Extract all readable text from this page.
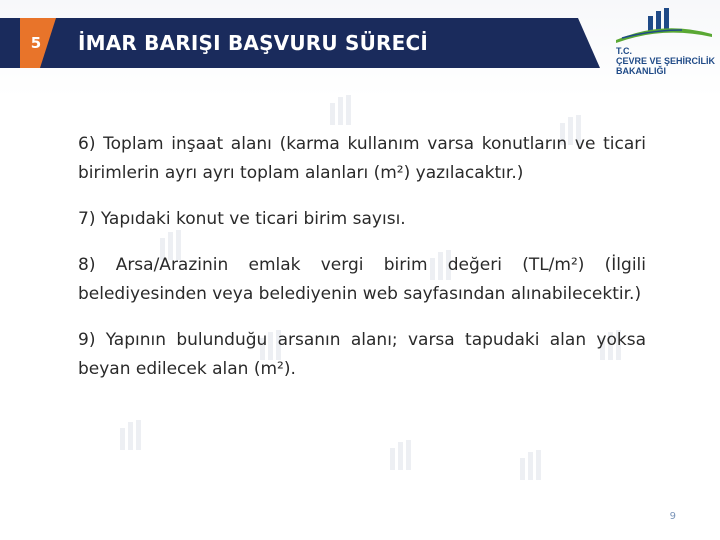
5	İMAR BARIŞI BAŞVURU SÜRECİ	T.C.
ÇEVRE VE ŞEHİRCİLİK
BAKANLIĞI

6) Toplam inşaat alanı (karma kullanım varsa konutların ve ticari birimlerin ayrı ayrı toplam alanları (m²) yazılacaktır.)

7) Yapıdaki konut ve ticari birim sayısı.

8) Arsa/Arazinin emlak vergi birim değeri (TL/m²) (İlgili belediyesinden veya belediyenin web sayfasından alınabilecektir.)

9) Yapının bulunduğu arsanın alanı; varsa tapudaki alan yoksa beyan edilecek alan (m²).

9
